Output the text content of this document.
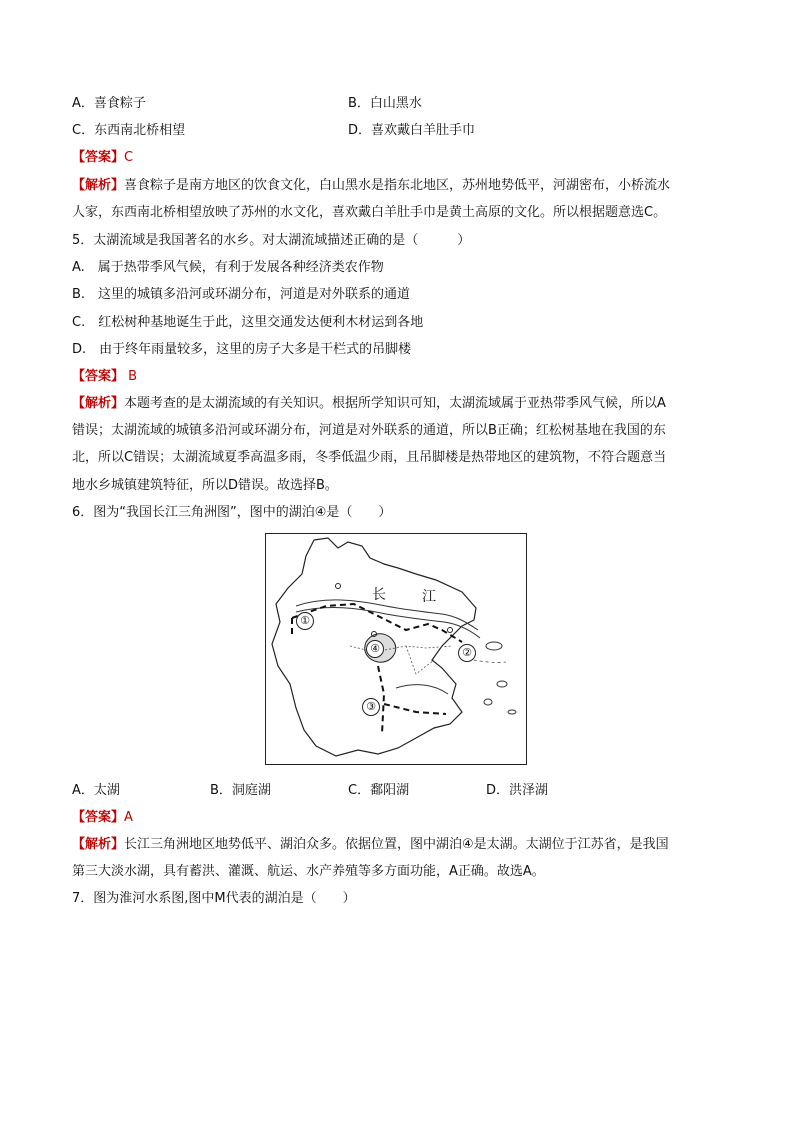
A．喜食粽子	B．白山黑水
C．东西南北桥相望	D．喜欢戴白羊肚手巾
【答案】C
【解析】喜食粽子是南方地区的饮食文化，白山黑水是指东北地区，苏州地势低平，河湖密布，小桥流水
人家，东西南北桥相望放映了苏州的水文化，喜欢戴白羊肚手巾是黄土高原的文化。所以根据题意选C。
5．太湖流域是我国著名的水乡。对太湖流域描述正确的是（　　　）
A.　属于热带季风气候，有利于发展各种经济类农作物
B.　这里的城镇多沿河或环湖分布，河道是对外联系的通道
C.　红松树种基地诞生于此，这里交通发达便利木材运到各地
D.　由于终年雨量较多，这里的房子大多是干栏式的吊脚楼
【答案】 B
【解析】本题考查的是太湖流域的有关知识。根据所学知识可知，太湖流域属于亚热带季风气候，所以A
错误；太湖流域的城镇多沿河或环湖分布，河道是对外联系的通道，所以B正确；红松树基地在我国的东
北，所以C错误；太湖流域夏季高温多雨，冬季低温少雨，且吊脚楼是热带地区的建筑物，不符合题意当
地水乡城镇建筑特征，所以D错误。故选择B。
6．图为“我国长江三角洲图”，图中的湖泊④是（　　）
长	江
①
②
③
④
A．太湖	B．洞庭湖	C．鄱阳湖	D．洪泽湖
【答案】A
【解析】长江三角洲地区地势低平、湖泊众多。依据位置，图中湖泊④是太湖。太湖位于江苏省，是我国
第三大淡水湖，具有蓄洪、灌溉、航运、水产养殖等多方面功能，A正确。故选A。
7．图为淮河水系图,图中M代表的湖泊是（　　）
